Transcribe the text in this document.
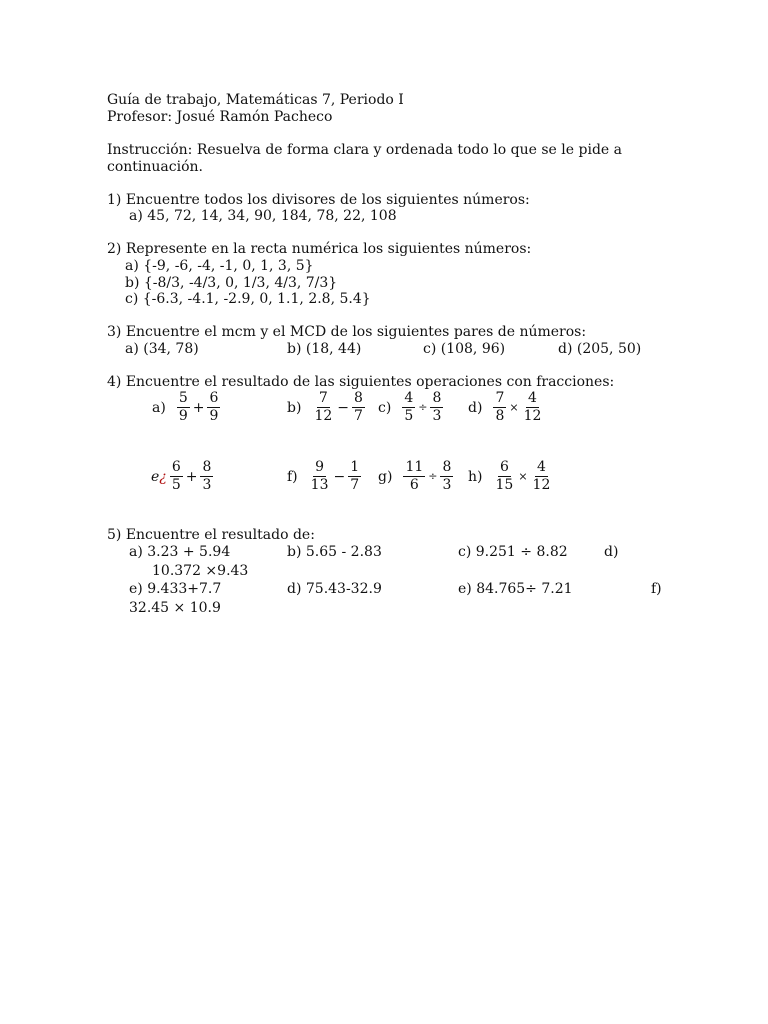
Guía de trabajo, Matemáticas 7, Periodo I
Profesor: Josué Ramón Pacheco
Instrucción: Resuelva de forma clara y ordenada todo lo que se le pide a
continuación.
1) Encuentre todos los divisores de los siguientes números:
a) 45, 72, 14, 34, 90, 184, 78, 22, 108
2) Represente en la recta numérica los siguientes números:
a) {-9, -6, -4, -1, 0, 1, 3, 5}
b) {-8/3, -4/3, 0, 1/3, 4/3, 7/3}
c) {-6.3, -4.1, -2.9, 0, 1.1, 2.8, 5.4}
3) Encuentre el mcm y el MCD de los siguientes pares de números:
a) (34, 78)	b) (18, 44)	c) (108, 96)	d) (205, 50)
4) Encuentre el resultado de las siguientes operaciones con fracciones:
$a) \frac{5}{9} + \frac{6}{9}$	$b) \frac{7}{12} - \frac{8}{7} c) \frac{4}{5} \div \frac{8}{3} d) \frac{7}{8} \times \frac{4}{12}$
e¿ $\frac{6}{5} + \frac{8}{3}$	$f) \frac{9}{13} - \frac{1}{7} g) \frac{11}{6} \div \frac{8}{3} h) \frac{6}{15} \times \frac{4}{12}$
5) Encuentre el resultado de:
a) 3.23 + 5.94	b) 5.65 - 2.83	c) 9.251 ÷ 8.82	d)
10.372 ×9.43
e) 9.433+7.7	d) 75.43-32.9	e) 84.765÷ 7.21	f)
32.45 × 10.9
